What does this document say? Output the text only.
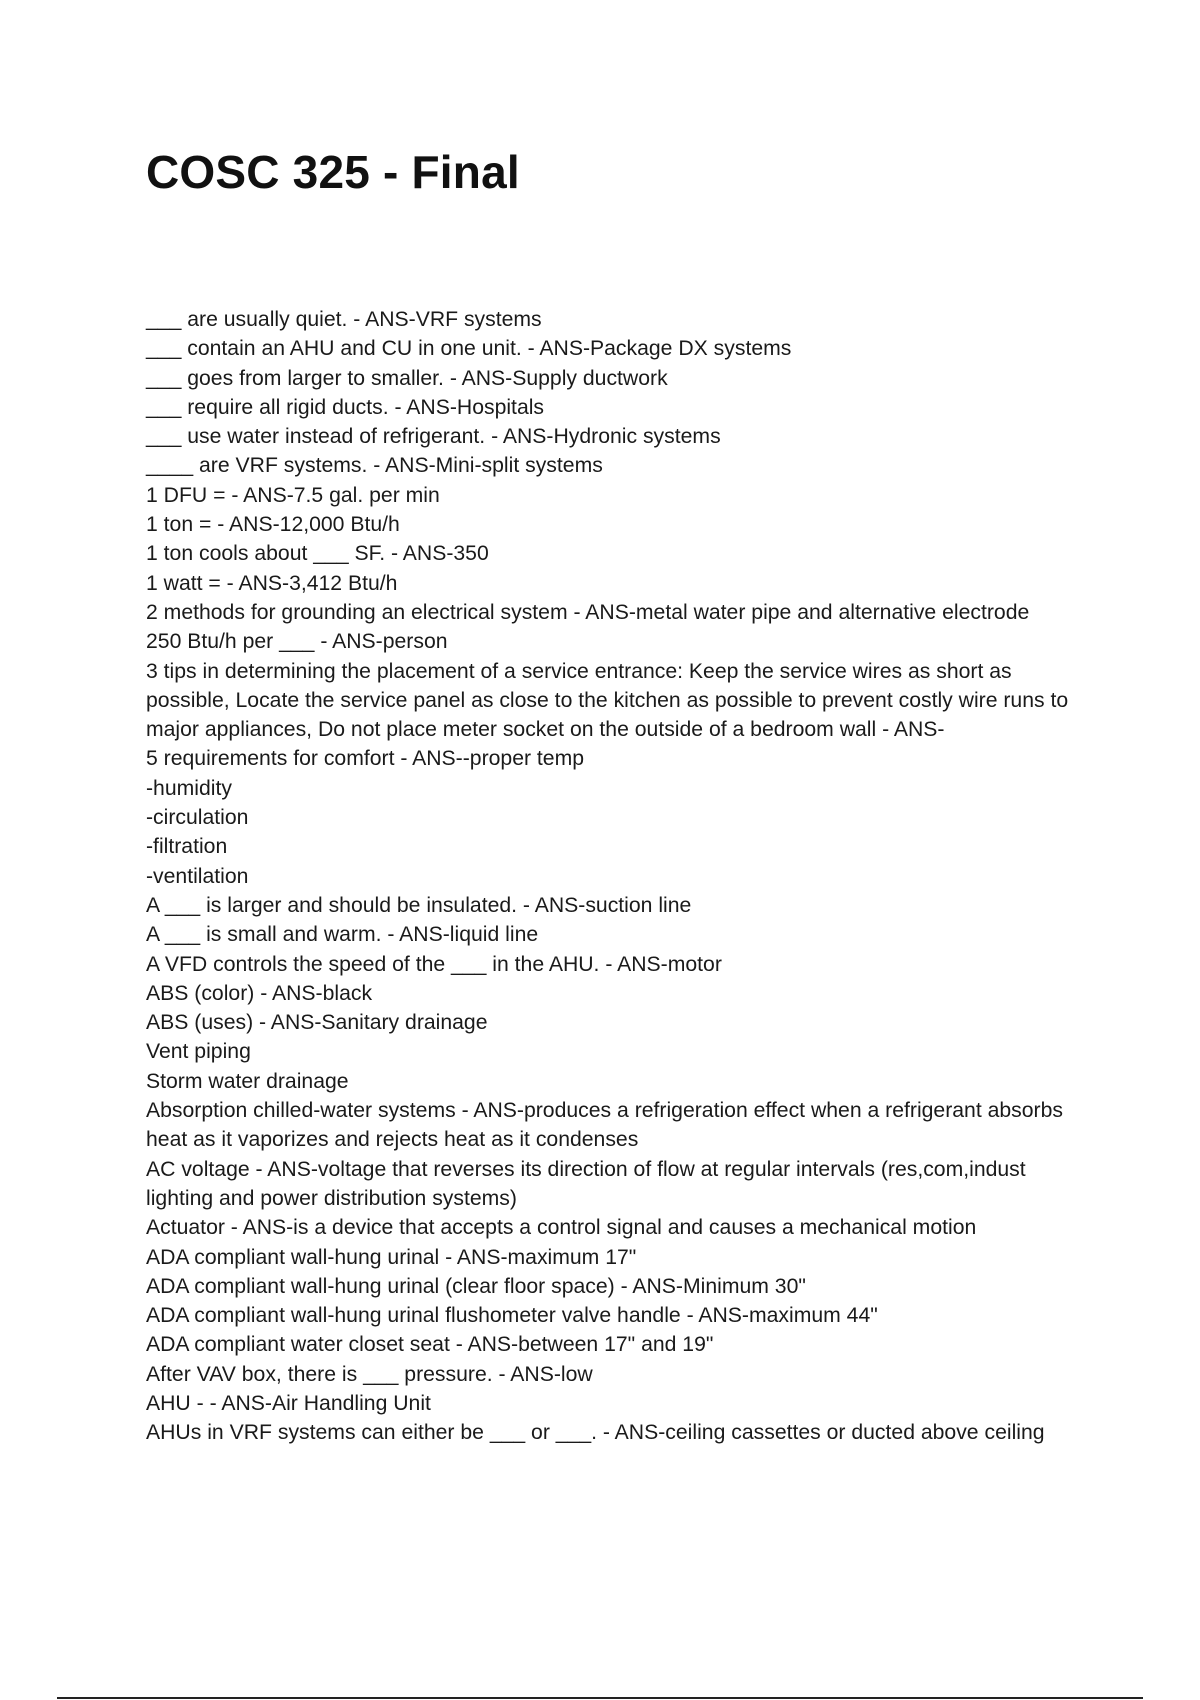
COSC 325 - Final
___ are usually quiet. - ANS-VRF systems
___ contain an AHU and CU in one unit. - ANS-Package DX systems
___ goes from larger to smaller. - ANS-Supply ductwork
___ require all rigid ducts. - ANS-Hospitals
___ use water instead of refrigerant. - ANS-Hydronic systems
____ are VRF systems. - ANS-Mini-split systems
1 DFU = - ANS-7.5 gal. per min
1 ton = - ANS-12,000 Btu/h
1 ton cools about ___ SF. - ANS-350
1 watt = - ANS-3,412 Btu/h
2 methods for grounding an electrical system - ANS-metal water pipe and alternative electrode
250 Btu/h per ___ - ANS-person
3 tips in determining the placement of a service entrance: Keep the service wires as short as possible, Locate the service panel as close to the kitchen as possible to prevent costly wire runs to major appliances, Do not place meter socket on the outside of a bedroom wall - ANS-
5 requirements for comfort - ANS--proper temp
-humidity
-circulation
-filtration
-ventilation
A ___ is larger and should be insulated. - ANS-suction line
A ___ is small and warm. - ANS-liquid line
A VFD controls the speed of the ___ in the AHU. - ANS-motor
ABS (color) - ANS-black
ABS (uses) - ANS-Sanitary drainage
Vent piping
Storm water drainage
Absorption chilled-water systems - ANS-produces a refrigeration effect when a refrigerant absorbs heat as it vaporizes and rejects heat as it condenses
AC voltage - ANS-voltage that reverses its direction of flow at regular intervals (res,com,indust lighting and power distribution systems)
Actuator - ANS-is a device that accepts a control signal and causes a mechanical motion
ADA compliant wall-hung urinal - ANS-maximum 17"
ADA compliant wall-hung urinal (clear floor space) - ANS-Minimum 30"
ADA compliant wall-hung urinal flushometer valve handle - ANS-maximum 44"
ADA compliant water closet seat - ANS-between 17" and 19"
After VAV box, there is ___ pressure. - ANS-low
AHU - - ANS-Air Handling Unit
AHUs in VRF systems can either be ___ or ___. - ANS-ceiling cassettes or ducted above ceiling
